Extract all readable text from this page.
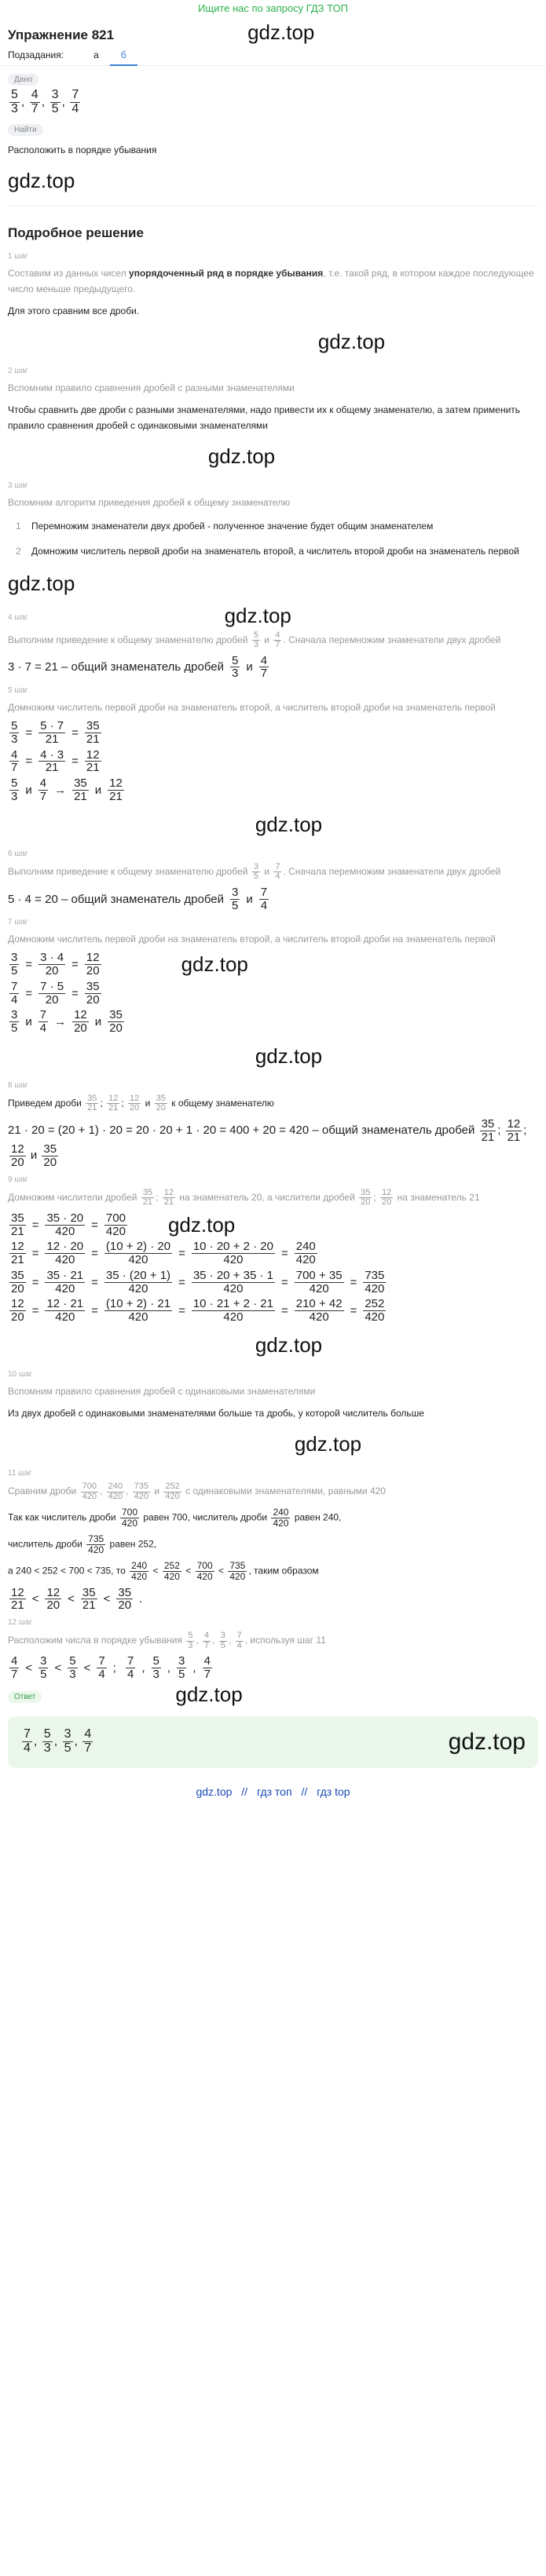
Ищите нас по запросу ГДЗ ТОП
Упражнение 821	gdz.top
Подзадания:	а	б
Дано
$\frac{5}{3}$ , $\frac{4}{7}$ , $\frac{3}{5}$ , $\frac{7}{4}$
Найти
Расположить в порядке убывания
gdz.top
Подробное решение
1 шаг
Составим из данных чисел упорядоченный ряд в порядке убывания, т.е. такой ряд, в котором каждое последующее число меньше предыдущего.
Для этого сравним все дроби.
gdz.top
2 шаг
Вспомним правило сравнения дробей с разными знаменателями
Чтобы сравнить две дроби с разными знаменателями, надо привести их к общему знаменателю, а затем применить правило сравнения дробей с одинаковыми знаменателями
gdz.top
3 шаг
Вспомним алгоритм приведения дробей к общему знаменателю
1	Перемножим знаменатели двух дробей - полученное значение будет общим знаменателем
2	Домножим числитель первой дроби на знаменатель второй, а числитель второй дроби на знаменатель первой
gdz.top
4 шаг	gdz.top
Выполним приведение к общему знаменателю дробей $\frac{5}{3}$ и $\frac{4}{7}$ . Сначала перемножим знаменатели двух дробей
3 · 7 = 21 – общий знаменатель дробей $\frac{5}{3}$ и $\frac{4}{7}$
5 шаг
Домножим числитель первой дроби на знаменатель второй, а числитель второй дроби на знаменатель первой
$\frac{5}{3} = \frac{5 \cdot 7}{21} = \frac{35}{21}$
$\frac{4}{7} = \frac{4 \cdot 3}{21} = \frac{12}{21}$
$\frac{5}{3}$ и $\frac{4}{7} \to \frac{35}{21}$ и $\frac{12}{21}$
gdz.top
6 шаг
Выполним приведение к общему знаменателю дробей $\frac{3}{5}$ и $\frac{7}{4}$ . Сначала перемножим знаменатели двух дробей
5 · 4 = 20 – общий знаменатель дробей $\frac{3}{5}$ и $\frac{7}{4}$
7 шаг
Домножим числитель первой дроби на знаменатель второй, а числитель второй дроби на знаменатель первой
$\frac{3}{5} = \frac{3 \cdot 4}{20} = \frac{12}{20}$	gdz.top
$\frac{7}{4} = \frac{7 \cdot 5}{20} = \frac{35}{20}$
$\frac{3}{5}$ и $\frac{7}{4} \to \frac{12}{20}$ и $\frac{35}{20}$
gdz.top
8 шаг
Приведем дроби $\frac{35}{21}$ ; $\frac{12}{21}$ ; $\frac{12}{20}$ и $\frac{35}{20}$ к общему знаменателю
21 · 20 = (20 + 1) · 20 = 20 · 20 + 1 · 20 = 400 + 20 = 420 – общий знаменатель дробей $\frac{35}{21}$ ; $\frac{12}{21}$ ;
$\frac{12}{20}$ и $\frac{35}{20}$
9 шаг
Домножим числители дробей $\frac{35}{21}$ ; $\frac{12}{21}$ на знаменатель 20, а числители дробей $\frac{35}{20}$ ; $\frac{12}{20}$ на знаменатель 21
$\frac{35}{21} = \frac{35 \cdot 20}{420} = \frac{700}{420} gdz.top$
$\frac{12}{21} = \frac{12 \cdot 20}{420} = \frac{(10 + 2) \cdot 20}{420} = \frac{10 \cdot 20 + 2 \cdot 20}{420} = \frac{240}{420}$
$\frac{35}{20} = \frac{35 \cdot 21}{420} = \frac{35 \cdot (20 + 1)}{420} = \frac{35 \cdot 20 + 35 \cdot 1}{420} = \frac{700 + 35}{420} = \frac{735}{420}$
$\frac{12}{20} = \frac{12 \cdot 21}{420} = \frac{(10 + 2) \cdot 21}{420} = \frac{10 \cdot 21 + 2 \cdot 21}{420} = \frac{210 + 42}{420} = \frac{252}{420}$
gdz.top
10 шаг
Вспомним правило сравнения дробей с одинаковыми знаменателями
Из двух дробей с одинаковыми знаменателями больше та дробь, у которой числитель больше
gdz.top
11 шаг
Сравним дроби $\frac{700}{420}$ , $\frac{240}{420}$ , $\frac{735}{420}$ и $\frac{252}{420}$ с одинаковыми знаменателями, равными 420
Так как числитель дроби $\frac{700}{420}$ равен 700, числитель дроби $\frac{240}{420}$ равен 240,
числитель дроби $\frac{735}{420}$ равен 252,
а 240 < 252 < 700 < 735, то $\frac{240}{420} < \frac{252}{420} < \frac{700}{420} < \frac{735}{420}$ , таким образом
$\frac{12}{21} < \frac{12}{20} < \frac{35}{21} < \frac{35}{20}$ .
12 шаг
Расположим числа в порядке убывания $\frac{5}{3}$ , $\frac{4}{7}$ , $\frac{3}{5}$ , $\frac{7}{4}$ , используя шаг 11
$\frac{4}{7} < \frac{3}{5} < \frac{5}{3} < \frac{7}{4}$ ; $\frac{7}{4}$ , $\frac{5}{3}$ , $\frac{3}{5}$ , $\frac{4}{7}$
Ответ	gdz.top
$\frac{7}{4}$ , $\frac{5}{3}$ , $\frac{3}{5}$ , $\frac{4}{7}$	gdz.top
gdz.top // гдз топ // гдз top
